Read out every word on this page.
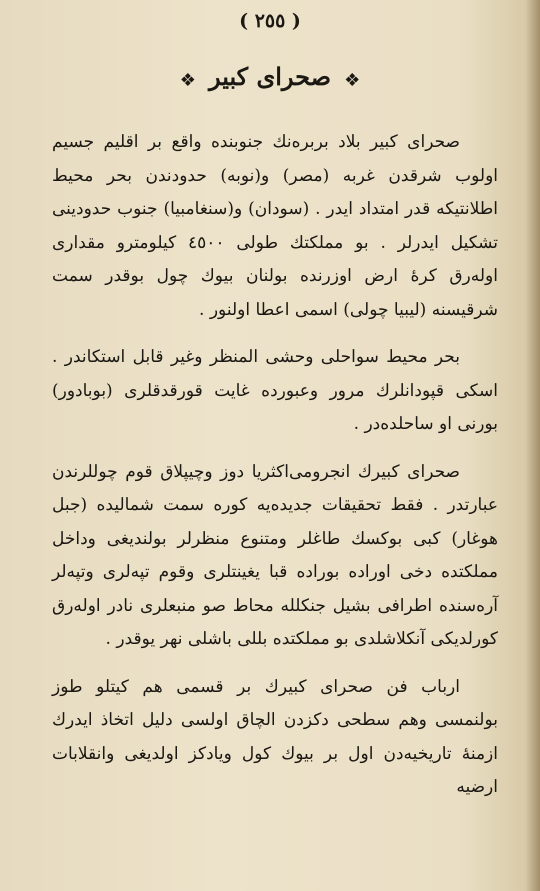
( ٢٥٥ )
❖ صحرای کبیر ❖

صحرای کبیر بلاد بربره‌نك جنوبنده واقع بر اقلیم جسیم اولوب شرقدن غربه (مصر) و(نوبه) حدودندن بحر محیط اطلانتیکه قدر امتداد ایدر . (سودان) و(سنغامبیا) جنوب حدودینی تشکیل ایدرلر . بو مملکتك طولی ٤٥٠٠ کیلومترو مقداری اوله‌رق کرهٔ ارض اوزرنده بولنان بیوك چول بوقدر سمت شرقیسنه (لیبیا چولی) اسمی اعطا اولنور .

بحر محیط سواحلی وحشی المنظر وغیر قابل استکاندر . اسکی قپودانلرك مرور وعبورده غایت قورقدقلری (بوبادور) بورنی او ساحلده‌در .

صحرای کبیرك انجرومی‌اکثریا دوز وچیپلاق قوم چوللرندن عبارتدر . فقط تحقیقات جدیده‌یه کوره سمت شمالیده (جبل هوغار) کبی بوکسك طاغلر ومتنوع منظرلر بولندیغی وداخل مملکتده دخی اوراده بوراده قبا یغینتلری وقوم تپه‌لری وتپه‌لر آرەسنده اطرافی بشیل جنکلله محاط صو منبعلری نادر اوله‌رق کورلدیکی آنکلاشلدی بو مملکتده بللی باشلی نهر یوقدر .

ارباب فن صحرای کبیرك بر قسمی هم کیتلو طوز بولنمسی وهم سطحی دکزدن الچاق اولسی دلیل اتخاذ ایدرك ازمنهٔ تاریخیه‌دن اول بر بیوك کول ویادکز اولدیغی وانقلابات ارضیه
